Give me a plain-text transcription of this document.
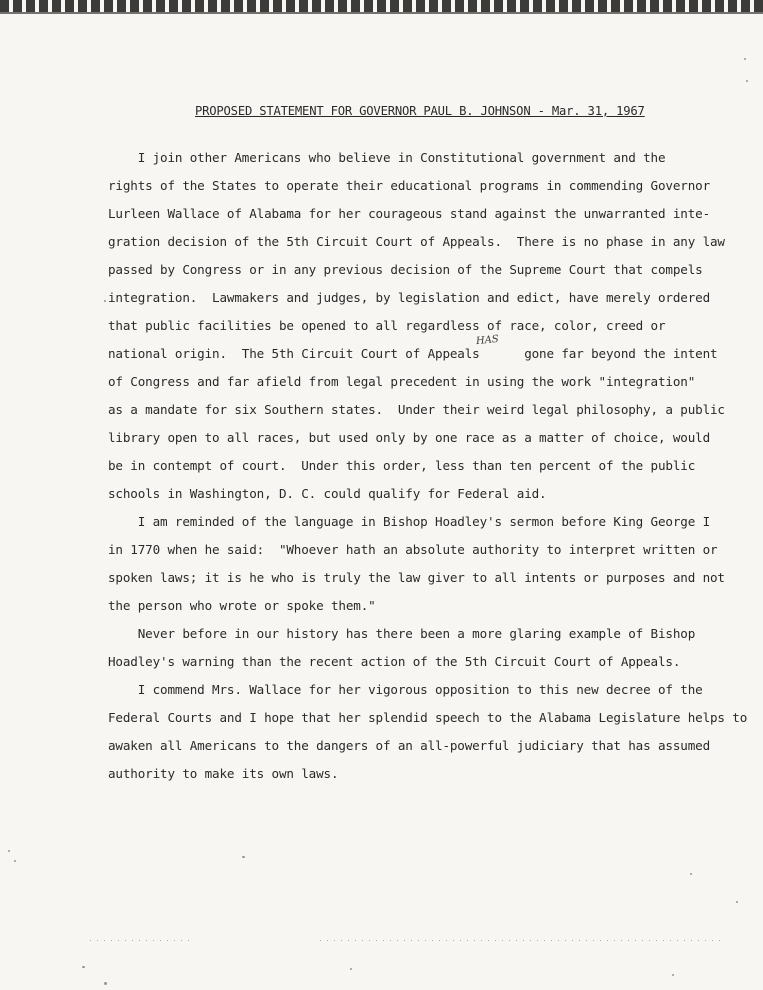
PROPOSED STATEMENT FOR GOVERNOR PAUL B. JOHNSON - Mar. 31, 1967
I join other Americans who believe in Constitutional government and the
rights of the States to operate their educational programs in commending Governor
Lurleen Wallace of Alabama for her courageous stand against the unwarranted inte-
gration decision of the 5th Circuit Court of Appeals.  There is no phase in any law
passed by Congress or in any previous decision of the Supreme Court that compels
integration.  Lawmakers and judges, by legislation and edict, have merely ordered
that public facilities be opened to all regardless of race, color, creed or
national origin.  The 5th Circuit Court of Appeals      gone far beyond the intent
HAS
of Congress and far afield from legal precedent in using the work "integration"
as a mandate for six Southern states.  Under their weird legal philosophy, a public
library open to all races, but used only by one race as a matter of choice, would
be in contempt of court.  Under this order, less than ten percent of the public
schools in Washington, D. C. could qualify for Federal aid.
I am reminded of the language in Bishop Hoadley's sermon before King George I
in 1770 when he said:  "Whoever hath an absolute authority to interpret written or
spoken laws; it is he who is truly the law giver to all intents or purposes and not
the person who wrote or spoke them."
Never before in our history has there been a more glaring example of Bishop
Hoadley's warning than the recent action of the 5th Circuit Court of Appeals.
I commend Mrs. Wallace for her vigorous opposition to this new decree of the
Federal Courts and I hope that her splendid speech to the Alabama Legislature helps to
awaken all Americans to the dangers of an all-powerful judiciary that has assumed
authority to make its own laws.
